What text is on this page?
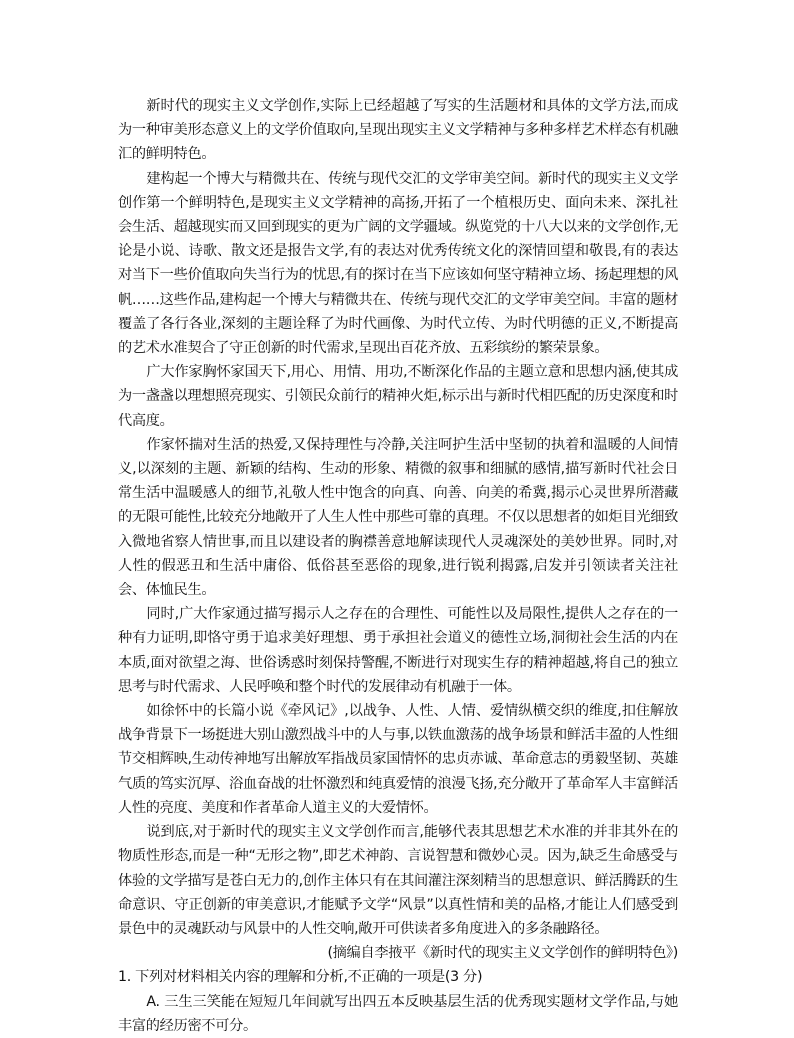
新时代的现实主义文学创作,实际上已经超越了写实的生活题材和具体的文学方法,而成为一种审美形态意义上的文学价值取向,呈现出现实主义文学精神与多种多样艺术样态有机融汇的鲜明特色。

建构起一个博大与精微共在、传统与现代交汇的文学审美空间。新时代的现实主义文学创作第一个鲜明特色,是现实主义文学精神的高扬,开拓了一个植根历史、面向未来、深扎社会生活、超越现实而又回到现实的更为广阔的文学疆域。纵览党的十八大以来的文学创作,无论是小说、诗歌、散文还是报告文学,有的表达对优秀传统文化的深情回望和敬畏,有的表达对当下一些价值取向失当行为的忧思,有的探讨在当下应该如何坚守精神立场、扬起理想的风帆……这些作品,建构起一个博大与精微共在、传统与现代交汇的文学审美空间。丰富的题材覆盖了各行各业,深刻的主题诠释了为时代画像、为时代立传、为时代明德的正义,不断提高的艺术水准契合了守正创新的时代需求,呈现出百花齐放、五彩缤纷的繁荣景象。

广大作家胸怀家国天下,用心、用情、用功,不断深化作品的主题立意和思想内涵,使其成为一盏盏以理想照亮现实、引领民众前行的精神火炬,标示出与新时代相匹配的历史深度和时代高度。

作家怀揣对生活的热爱,又保持理性与冷静,关注呵护生活中坚韧的执着和温暖的人间情义,以深刻的主题、新颖的结构、生动的形象、精微的叙事和细腻的感情,描写新时代社会日常生活中温暖感人的细节,礼敬人性中饱含的向真、向善、向美的希冀,揭示心灵世界所潜藏的无限可能性,比较充分地敞开了人生人性中那些可靠的真理。不仅以思想者的如炬目光细致入微地省察人情世事,而且以建设者的胸襟善意地解读现代人灵魂深处的美妙世界。同时,对人性的假恶丑和生活中庸俗、低俗甚至恶俗的现象,进行锐利揭露,启发并引领读者关注社会、体恤民生。

同时,广大作家通过描写揭示人之存在的合理性、可能性以及局限性,提供人之存在的一种有力证明,即恪守勇于追求美好理想、勇于承担社会道义的德性立场,洞彻社会生活的内在本质,面对欲望之海、世俗诱惑时刻保持警醒,不断进行对现实生存的精神超越,将自己的独立思考与时代需求、人民呼唤和整个时代的发展律动有机融于一体。

如徐怀中的长篇小说《牵风记》,以战争、人性、人情、爱情纵横交织的维度,扣住解放战争背景下一场挺进大别山激烈战斗中的人与事,以铁血激荡的战争场景和鲜活丰盈的人性细节交相辉映,生动传神地写出解放军指战员家国情怀的忠贞赤诚、革命意志的勇毅坚韧、英雄气质的笃实沉厚、浴血奋战的壮怀激烈和纯真爱情的浪漫飞扬,充分敞开了革命军人丰富鲜活人性的亮度、美度和作者革命人道主义的大爱情怀。

说到底,对于新时代的现实主义文学创作而言,能够代表其思想艺术水准的并非其外在的物质性形态,而是一种“无形之物”,即艺术神韵、言说智慧和微妙心灵。因为,缺乏生命感受与体验的文学描写是苍白无力的,创作主体只有在其间灌注深刻精当的思想意识、鲜活腾跃的生命意识、守正创新的审美意识,才能赋予文学“风景”以真性情和美的品格,才能让人们感受到景色中的灵魂跃动与风景中的人性交响,敞开可供读者多角度进入的多条融路径。

(摘编自李掖平《新时代的现实主义文学创作的鲜明特色》)

1. 下列对材料相关内容的理解和分析,不正确的一项是(3 分)

A. 三生三笑能在短短几年间就写出四五本反映基层生活的优秀现实题材文学作品,与她丰富的经历密不可分。
